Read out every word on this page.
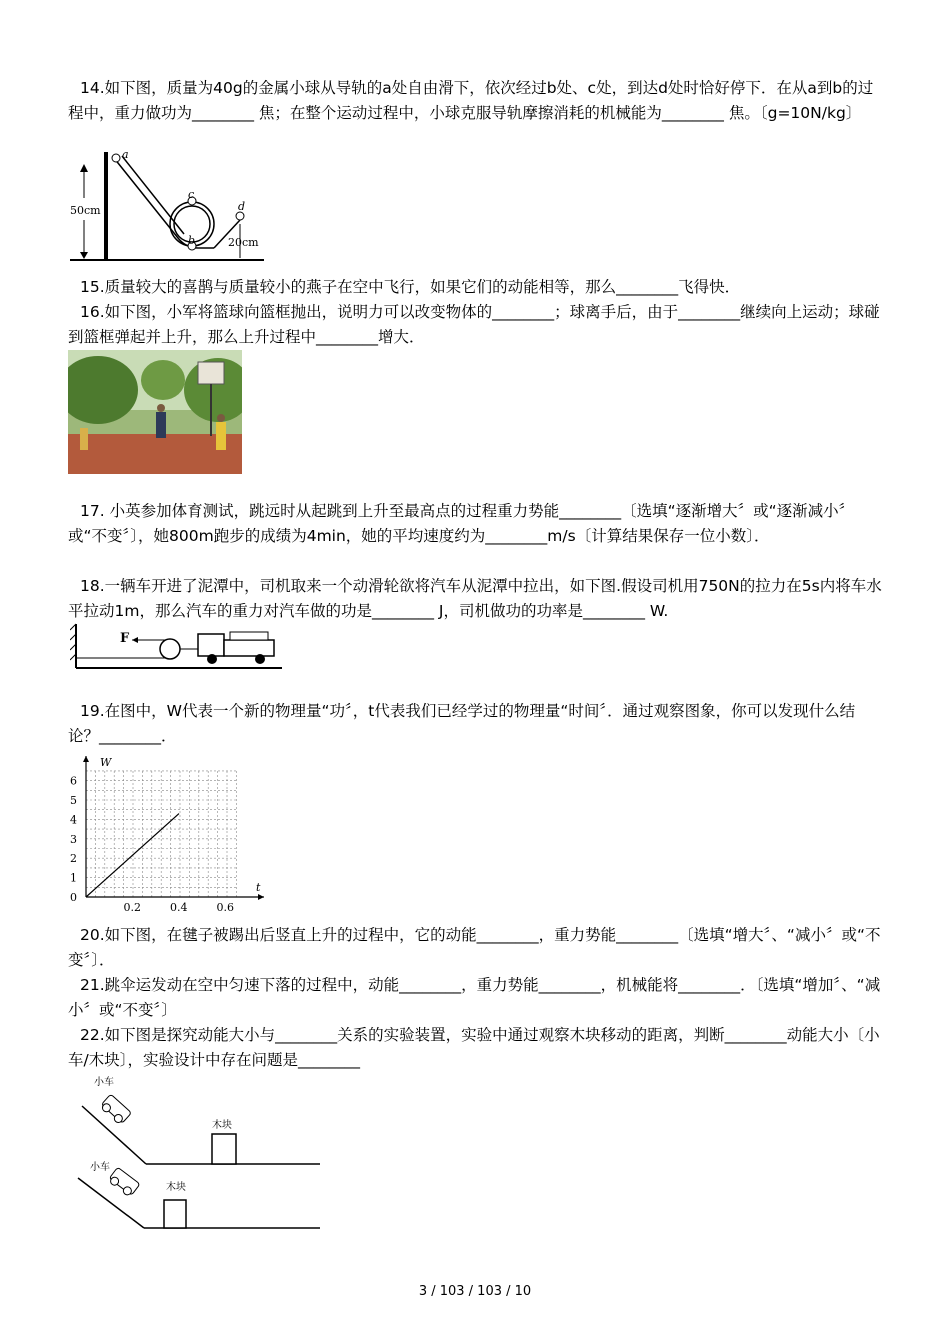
14.如下图，质量为40g的金属小球从导轨的a处自由滑下，依次经过b处、c处，到达d处时恰好停下．在从a到b的过程中，重力做功为________ 焦；在整个运动过程中，小球克服导轨摩擦消耗的机械能为________ 焦。〔g=10N/kg〕

50cm
a
b
c
d
20cm

15.质量较大的喜鹊与质量较小的燕子在空中飞行，如果它们的动能相等，那么________飞得快．

16.如下图，小军将篮球向篮框抛出，说明力可以改变物体的________；球离手后，由于________继续向上运动；球碰到篮框弹起并上升，那么上升过程中________增大．

17. 小英参加体育测试，跳远时从起跳到上升至最高点的过程重力势能________〔选填“逐渐增大〞或“逐渐减小〞或“不变〞〕，她800m跑步的成绩为4min，她的平均速度约为________m/s〔计算结果保存一位小数〕．

18.一辆车开进了泥潭中，司机取来一个动滑轮欲将汽车从泥潭中拉出，如下图.假设司机用750N的拉力在5s内将车水平拉动1m，那么汽车的重力对汽车做的功是________ J，司机做功的功率是________ W.

F

19.在图中，W代表一个新的物理量“功〞，t代表我们已经学过的物理量“时间〞．通过观察图象，你可以发现什么结论？________．

W
t
0
1
2
3
4
5
6
0.2	0.4	0.6

20.如下图，在毽子被踢出后竖直上升的过程中，它的动能________，重力势能________〔选填“增大〞、“减小〞或“不变〞〕．

21.跳伞运发动在空中匀速下落的过程中，动能________，重力势能________，机械能将________．〔选填“增加〞、“减小〞或“不变〞〕

22.如下图是探究动能大小与________关系的实验装置，实验中通过观察木块移动的距离，判断________动能大小〔小车/木块〕，实验设计中存在问题是________

小车
木块
小车
木块
3 / 103 / 103 / 10
